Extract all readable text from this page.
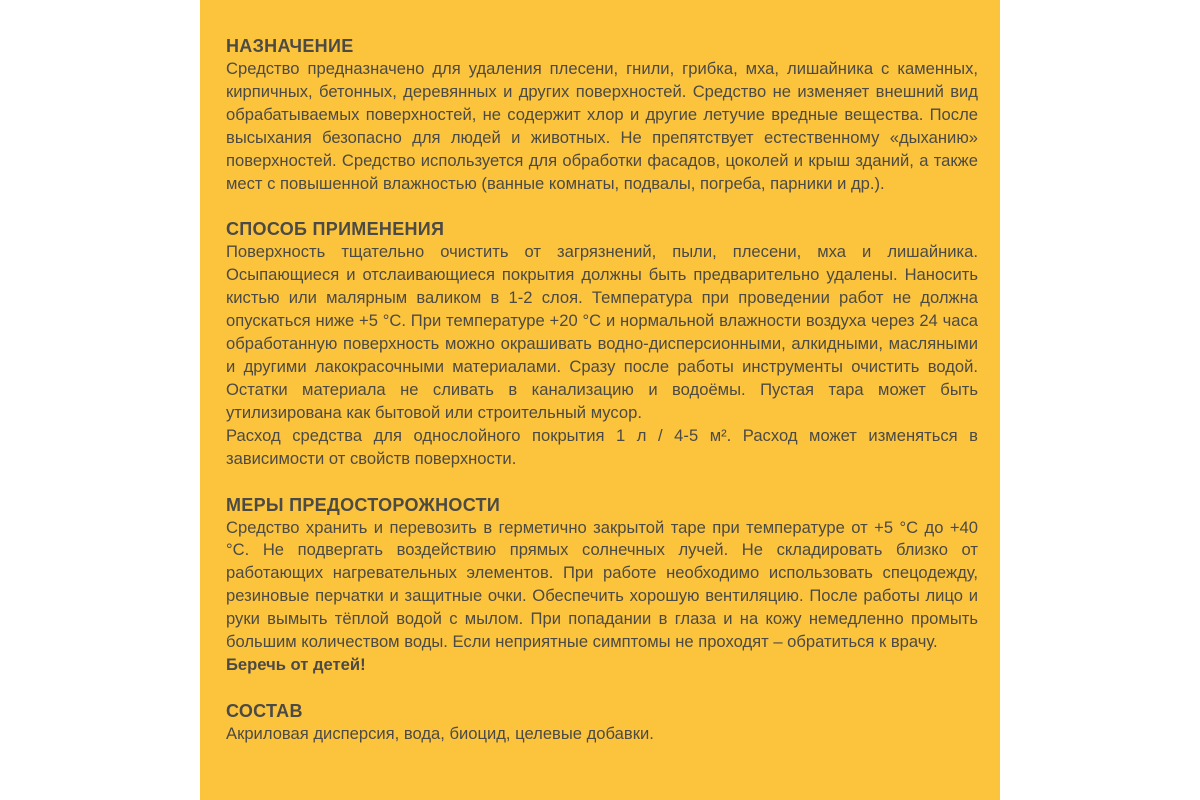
НАЗНАЧЕНИЕ

Средство предназначено для удаления плесени, гнили, грибка, мха, лишайника с каменных, кирпичных, бетонных, деревянных и других поверхностей. Средство не изменяет внешний вид обрабатываемых поверхностей, не содержит хлор и другие летучие вредные вещества. После высыхания безопасно для людей и животных. Не препятствует естественному «дыханию» поверхностей. Средство используется для обработки фасадов, цоколей и крыш зданий, а также мест с повышенной влажностью (ванные комнаты, подвалы, погреба, парники и др.).

СПОСОБ ПРИМЕНЕНИЯ

Поверхность тщательно очистить от загрязнений, пыли, плесени, мха и лишайника. Осыпающиеся и отслаивающиеся покрытия должны быть предварительно удалены. Наносить кистью или малярным валиком в 1-2 слоя. Температура при проведении работ не должна опускаться ниже +5 °С. При температуре +20 °С и нормальной влажности воздуха через 24 часа обработанную поверхность можно окрашивать водно-дисперсионными, алкидными, масляными и другими лакокрасочными материалами. Сразу после работы инструменты очистить водой. Остатки материала не сливать в канализацию и водоёмы. Пустая тара может быть утилизирована как бытовой или строительный мусор.

Расход средства для однослойного покрытия 1 л / 4-5 м². Расход может изменяться в зависимости от свойств поверхности.

МЕРЫ ПРЕДОСТОРОЖНОСТИ

Средство хранить и перевозить в герметично закрытой таре при температуре от +5 °С до +40 °С. Не подвергать воздействию прямых солнечных лучей. Не складировать близко от работающих нагревательных элементов. При работе необходимо использовать спецодежду, резиновые перчатки и защитные очки. Обеспечить хорошую вентиляцию. После работы лицо и руки вымыть тёплой водой с мылом. При попадании в глаза и на кожу немедленно промыть большим количеством воды. Если неприятные симптомы не проходят – обратиться к врачу.

Беречь от детей!

СОСТАВ

Акриловая дисперсия, вода, биоцид, целевые добавки.
